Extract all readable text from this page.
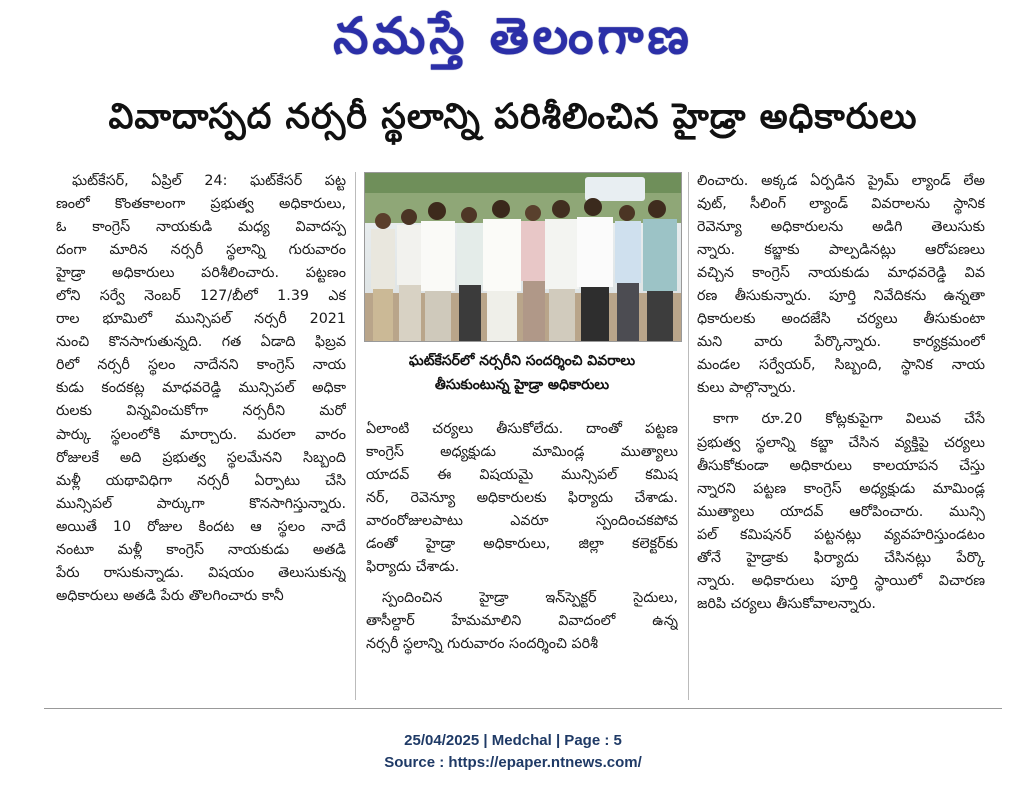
నమస్తే తెలంగాణ
వివాదాస్పద నర్సరీ స్థలాన్ని పరిశీలించిన హైడ్రా అధికారులు
ఘట్‌కేసర్, ఏప్రిల్ 24: ఘట్‌కేసర్ పట్ట
ణంలో కొంతకాలంగా ప్రభుత్వ అధికారులు,
ఓ కాంగ్రెస్ నాయకుడి మధ్య వివాదస్ప
దంగా మారిన నర్సరీ స్థలాన్ని గురువారం
హైడ్రా అధికారులు పరిశీలించారు. పట్టణం
లోని సర్వే నెంబర్ 127/బీలో 1.39 ఎక
రాల భూమిలో మున్సిపల్ నర్సరీ 2021
నుంచి కొనసాగుతున్నది. గత ఏడాది ఫిబ్రవ
రిలో నర్సరీ స్థలం నాదేనని కాంగ్రెస్ నాయ
కుడు కందకట్ల మాధవరెడ్డి మున్సిపల్ అధికా
రులకు విన్నవించుకోగా నర్సరీని మరో
పార్కు స్థలంలోకి మార్చారు. మరలా వారం
రోజులకే అది ప్రభుత్వ స్థలమేనని సిబ్బంది
మళ్లీ యథావిధిగా నర్సరీ ఏర్పాటు చేసి
మున్సిపల్ పార్కుగా కొనసాగిస్తున్నారు.
అయితే 10 రోజుల కిందట ఆ స్థలం నాదే
నంటూ మళ్లీ కాంగ్రెస్ నాయకుడు అతడి
పేరు రాసుకున్నాడు. విషయం తెలుసుకున్న
అధికారులు అతడి పేరు తొలగించారు కానీ
ఘట్‌కేసర్‌లో నర్సరీని సందర్శించి వివరాలు
తీసుకుంటున్న హైడ్రా అధికారులు
ఏలాంటి చర్యలు తీసుకోలేదు. దాంతో పట్టణ
కాంగ్రెస్ అధ్యక్షుడు మామిండ్ల ముత్యాలు
యాదవ్ ఈ విషయమై మున్సిపల్ కమిష
నర్, రెవెన్యూ అధికారులకు ఫిర్యాదు చేశాడు.
వారంరోజులపాటు ఎవరూ స్పందించకపోవ
డంతో హైడ్రా అధికారులు, జిల్లా కలెక్టర్‌కు
ఫిర్యాదు చేశాడు.
స్పందించిన హైడ్రా ఇన్‌స్పెక్టర్ సైదులు,
తాసీల్దార్ హేమమాలిని వివాదంలో ఉన్న
నర్సరీ స్థలాన్ని గురువారం సందర్శించి పరిశీ
లించారు. అక్కడ ఏర్పడిన ప్రైమ్ ల్యాండ్ లేఅ
వుట్, సీలింగ్ ల్యాండ్ వివరాలను స్థానిక
రెవెన్యూ అధికారులను అడిగి తెలుసుకు
న్నారు. కబ్జాకు పాల్పడినట్లు ఆరోపణలు
వచ్చిన కాంగ్రెస్ నాయకుడు మాధవరెడ్డి వివ
రణ తీసుకున్నారు. పూర్తి నివేదికను ఉన్నతా
ధికారులకు అందజేసి చర్యలు తీసుకుంటా
మని వారు పేర్కొన్నారు. కార్యక్రమంలో
మండల సర్వేయర్, సిబ్బంది, స్థానిక నాయ
కులు పాల్గొన్నారు.
కాగా రూ.20 కోట్లకుపైగా విలువ చేసే
ప్రభుత్వ స్థలాన్ని కబ్జా చేసిన వ్యక్తిపై చర్యలు
తీసుకోకుండా అధికారులు కాలయాపన చేస్తు
న్నారని పట్టణ కాంగ్రెస్ అధ్యక్షుడు మామిండ్ల
ముత్యాలు యాదవ్ ఆరోపించారు. మున్సి
పల్ కమిషనర్ పట్టనట్లు వ్యవహరిస్తుండటం
తోనే హైడ్రాకు ఫిర్యాదు చేసినట్లు పేర్కొ
న్నారు. అధికారులు పూర్తి స్థాయిలో విచారణ
జరిపి చర్యలు తీసుకోవాలన్నారు.
25/04/2025 | Medchal | Page : 5
Source : https://epaper.ntnews.com/
